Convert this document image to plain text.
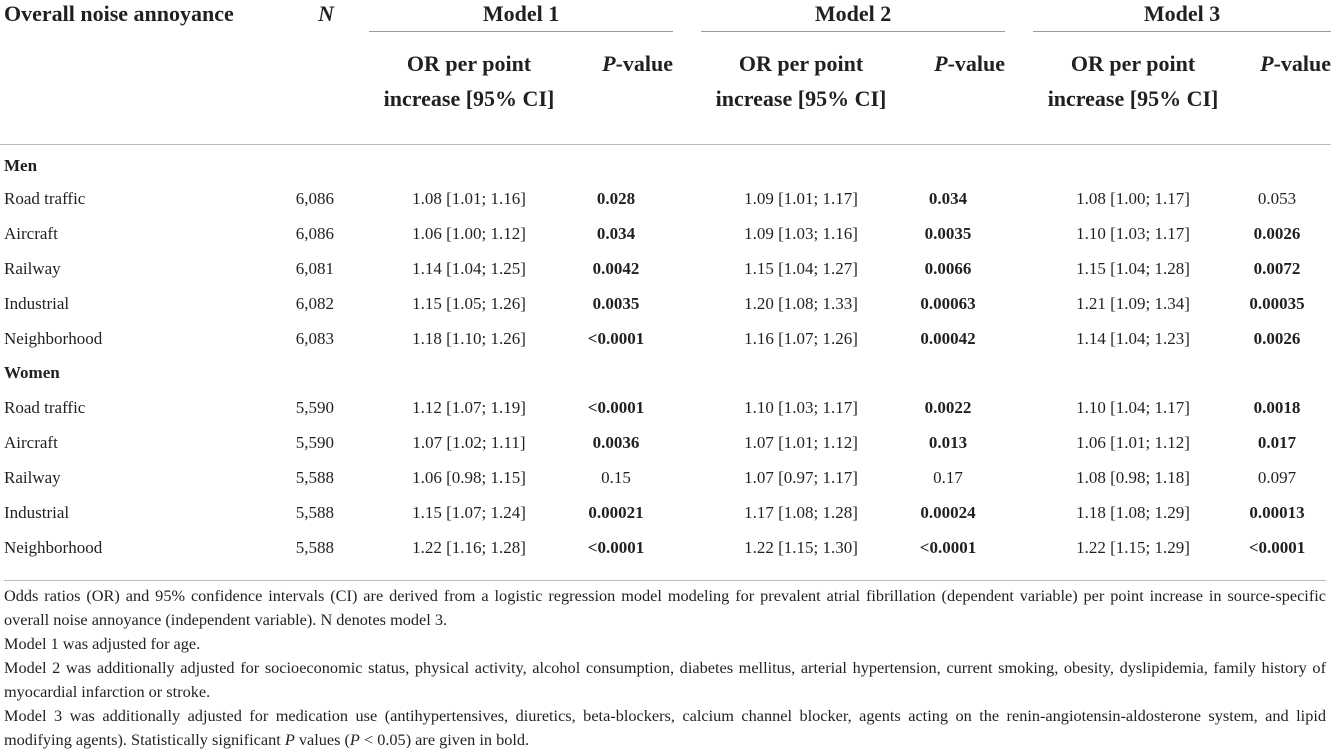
Overall noise annoyance	N		Model 1			Model 2			Model 3	
			OR per point
increase [95% CI]	P-value		OR per point
increase [95% CI]	P-value		OR per point
increase [95% CI]	P-value
Men										
Road traffic	6,086		1.08 [1.01; 1.16]	0.028		1.09 [1.01; 1.17]	0.034		1.08 [1.00; 1.17]	0.053
Aircraft	6,086		1.06 [1.00; 1.12]	0.034		1.09 [1.03; 1.16]	0.0035		1.10 [1.03; 1.17]	0.0026
Railway	6,081		1.14 [1.04; 1.25]	0.0042		1.15 [1.04; 1.27]	0.0066		1.15 [1.04; 1.28]	0.0072
Industrial	6,082		1.15 [1.05; 1.26]	0.0035		1.20 [1.08; 1.33]	0.00063		1.21 [1.09; 1.34]	0.00035
Neighborhood	6,083		1.18 [1.10; 1.26]	<0.0001		1.16 [1.07; 1.26]	0.00042		1.14 [1.04; 1.23]	0.0026
Women										
Road traffic	5,590		1.12 [1.07; 1.19]	<0.0001		1.10 [1.03; 1.17]	0.0022		1.10 [1.04; 1.17]	0.0018
Aircraft	5,590		1.07 [1.02; 1.11]	0.0036		1.07 [1.01; 1.12]	0.013		1.06 [1.01; 1.12]	0.017
Railway	5,588		1.06 [0.98; 1.15]	0.15		1.07 [0.97; 1.17]	0.17		1.08 [0.98; 1.18]	0.097
Industrial	5,588		1.15 [1.07; 1.24]	0.00021		1.17 [1.08; 1.28]	0.00024		1.18 [1.08; 1.29]	0.00013
Neighborhood	5,588		1.22 [1.16; 1.28]	<0.0001		1.22 [1.15; 1.30]	<0.0001		1.22 [1.15; 1.29]	<0.0001

Odds ratios (OR) and 95% confidence intervals (CI) are derived from a logistic regression model modeling for prevalent atrial fibrillation (dependent variable) per point increase in source-specific overall noise annoyance (independent variable). N denotes model 3.

Model 1 was adjusted for age.

Model 2 was additionally adjusted for socioeconomic status, physical activity, alcohol consumption, diabetes mellitus, arterial hypertension, current smoking, obesity, dyslipidemia, family history of myocardial infarction or stroke.

Model 3 was additionally adjusted for medication use (antihypertensives, diuretics, beta-blockers, calcium channel blocker, agents acting on the renin-angiotensin-aldosterone system, and lipid modifying agents). Statistically significant P values (P < 0.05) are given in bold.
